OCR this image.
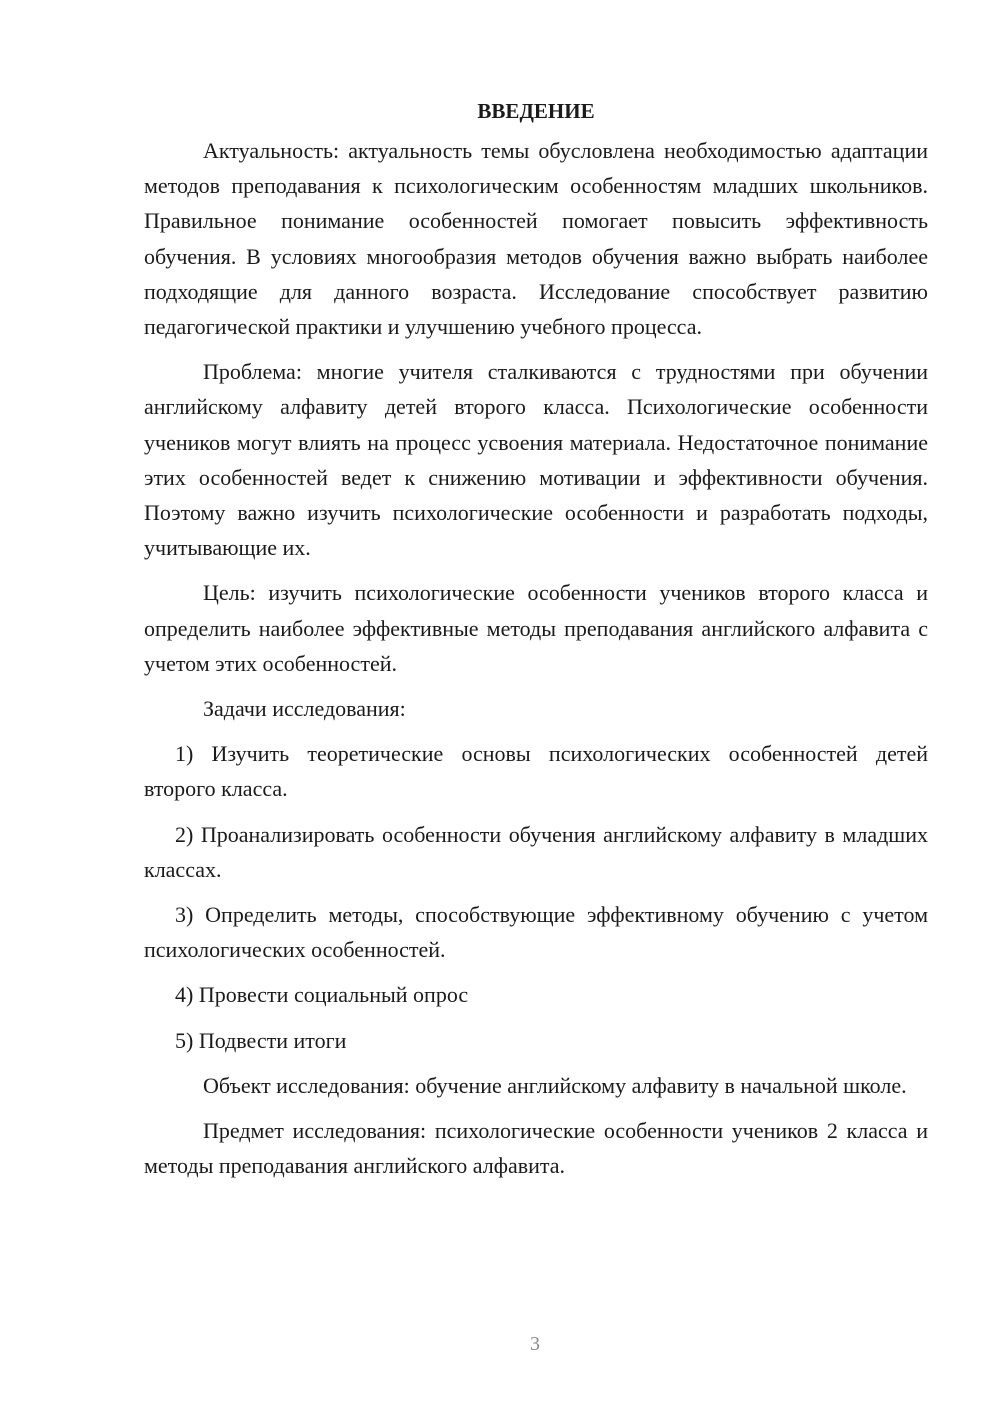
ВВЕДЕНИЕ

Актуальность: актуальность темы обусловлена необходимостью адаптации методов преподавания к психологическим особенностям младших школьников. Правильное понимание особенностей помогает повысить эффективность обучения. В условиях многообразия методов обучения важно выбрать наиболее подходящие для данного возраста. Исследование способствует развитию педагогической практики и улучшению учебного процесса.

Проблема: многие учителя сталкиваются с трудностями при обучении английскому алфавиту детей второго класса. Психологические особенности учеников могут влиять на процесс усвоения материала. Недостаточное понимание этих особенностей ведет к снижению мотивации и эффективности обучения. Поэтому важно изучить психологические особенности и разработать подходы, учитывающие их.

Цель: изучить психологические особенности учеников второго класса и определить наиболее эффективные методы преподавания английского алфавита с учетом этих особенностей.

Задачи исследования:

1) Изучить теоретические основы психологических особенностей детей второго класса.

2) Проанализировать особенности обучения английскому алфавиту в младших классах.

3) Определить методы, способствующие эффективному обучению с учетом психологических особенностей.

4) Провести социальный опрос

5) Подвести итоги

Объект исследования: обучение английскому алфавиту в начальной школе.

Предмет исследования: психологические особенности учеников 2 класса и методы преподавания английского алфавита.

3
